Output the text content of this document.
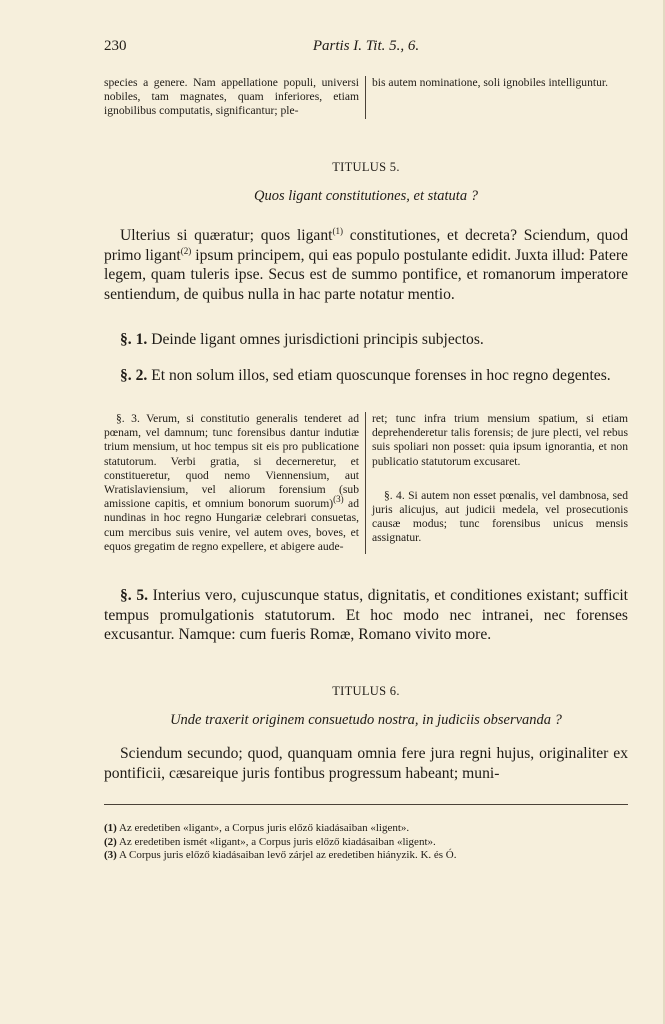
230	Partis I. Tit. 5., 6.

species a genere. Nam appellatione populi, universi nobiles, tam magnates, quam inferiores, etiam ignobilibus computatis, significantur; ple-

bis autem nominatione, soli ignobiles intelliguntur.

TITULUS 5.
Quos ligant constitutiones, et statuta ?

Ulterius si quæratur; quos ligant$^{(1)}$ constitutiones, et decreta? Sciendum, quod primo ligant$^{(2)}$ ipsum principem, qui eas populo postulante edidit. Juxta illud: Patere legem, quam tuleris ipse. Secus est de summo pontifice, et romanorum imperatore sentiendum, de quibus nulla in hac parte notatur mentio.

§. 1. Deinde ligant omnes jurisdictioni principis subjectos.

§. 2. Et non solum illos, sed etiam quoscunque forenses in hoc regno degentes.

§. 3. Verum, si constitutio generalis tenderet ad pœnam, vel damnum; tunc forensibus dantur indutiæ trium mensium, ut hoc tempus sit eis pro publicatione statutorum. Verbi gratia, si decerneretur, et constitueretur, quod nemo Viennensium, aut Wratislaviensium, vel aliorum forensium (sub amissione capitis, et omnium bonorum suorum)$^{(3)}$ ad nundinas in hoc regno Hungariæ celebrari consuetas, cum mercibus suis venire, vel autem oves, boves, et equos gregatim de regno expellere, et abigere aude-

ret; tunc infra trium mensium spatium, si etiam deprehenderetur talis forensis; de jure plecti, vel rebus suis spoliari non posset: quia ipsum ignorantia, et non publicatio statutorum excusaret.

§. 4. Si autem non esset pœnalis, vel dambnosa, sed juris alicujus, aut judicii medela, vel prosecutionis causæ modus; tunc forensibus unicus mensis assignatur.

§. 5. Interius vero, cujuscunque status, dignitatis, et conditiones existant; sufficit tempus promulgationis statutorum. Et hoc modo nec intranei, nec forenses excusantur. Namque: cum fueris Romæ, Romano vivito more.

TITULUS 6.
Unde traxerit originem consuetudo nostra, in judiciis observanda ?

Sciendum secundo; quod, quanquam omnia fere jura regni hujus, originaliter ex pontificii, cæsareique juris fontibus progressum habeant; muni-

(1) Az eredetiben «ligant», a Corpus juris előző kiadásaiban «ligent».

(2) Az eredetiben ismét «ligant», a Corpus juris előző kiadásaiban «ligent».

(3) A Corpus juris előző kiadásaiban levő zárjel az eredetiben hiányzik. K. és Ó.
